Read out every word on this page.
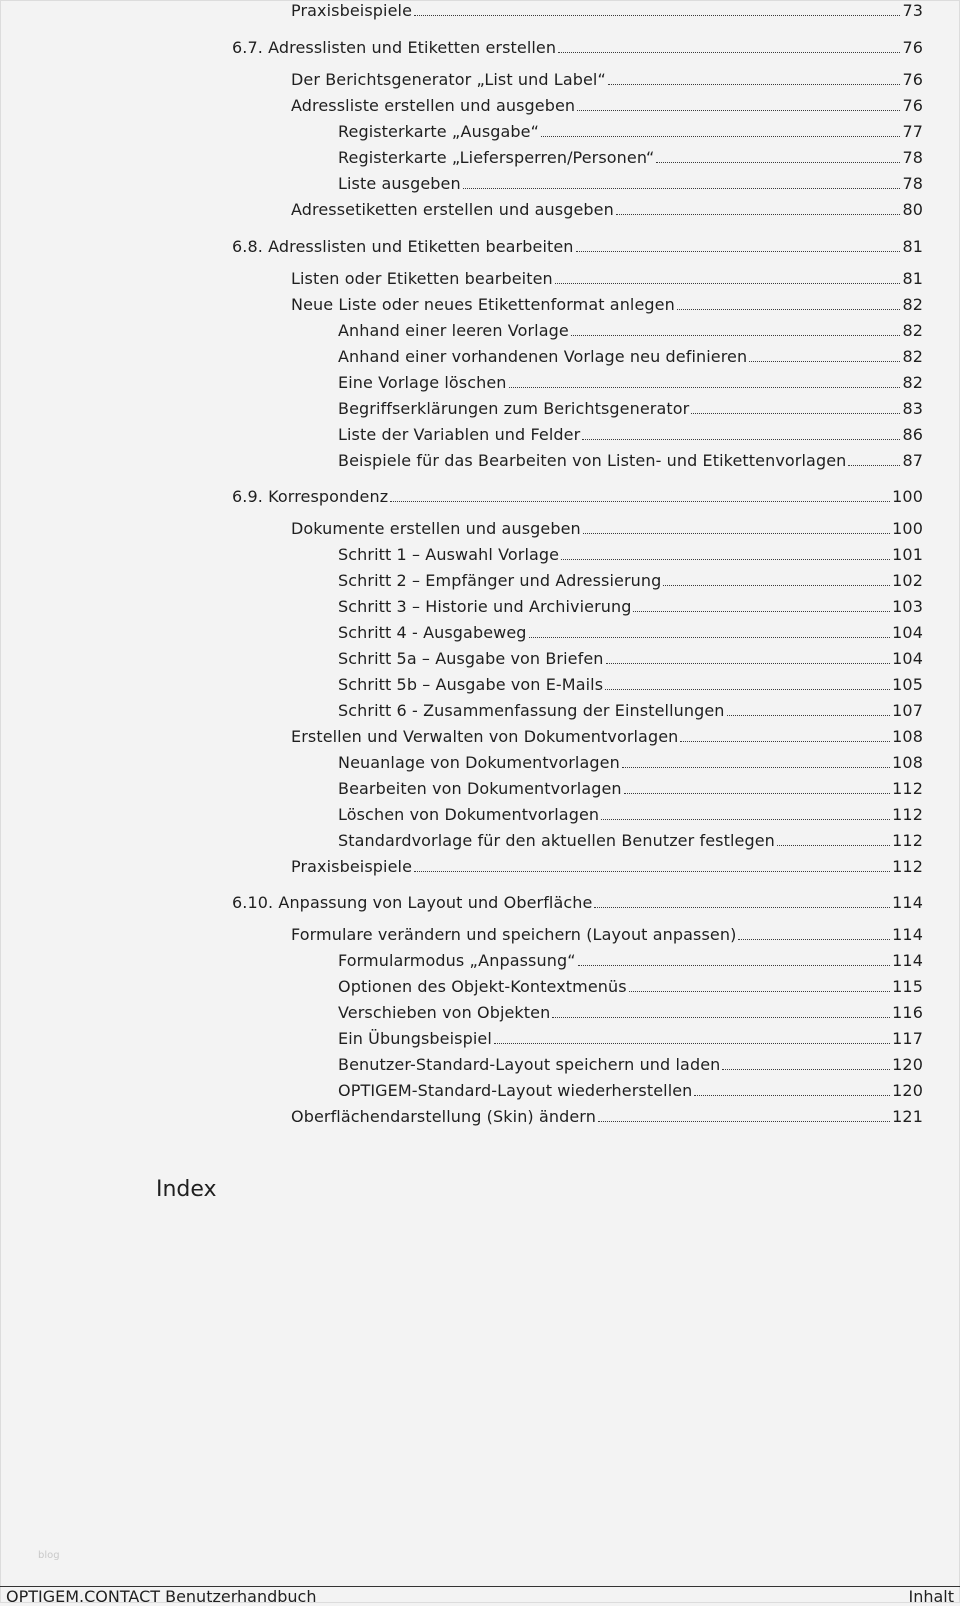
Praxisbeispiele	73
6.7. Adresslisten und Etiketten erstellen	76
Der Berichtsgenerator „List und Label“	76
Adressliste erstellen und ausgeben	76
Registerkarte „Ausgabe“	77
Registerkarte „Liefersperren/Personen“	78
Liste ausgeben	78
Adressetiketten erstellen und ausgeben	80
6.8. Adresslisten und Etiketten bearbeiten	81
Listen oder Etiketten bearbeiten	81
Neue Liste oder neues Etikettenformat anlegen	82
Anhand einer leeren Vorlage	82
Anhand einer vorhandenen Vorlage neu definieren	82
Eine Vorlage löschen	82
Begriffserklärungen zum Berichtsgenerator	83
Liste der Variablen und Felder	86
Beispiele für das Bearbeiten von Listen- und Etikettenvorlagen	87
6.9. Korrespondenz	100
Dokumente erstellen und ausgeben	100
Schritt 1 – Auswahl Vorlage	101
Schritt 2 – Empfänger und Adressierung	102
Schritt 3 – Historie und Archivierung	103
Schritt 4 - Ausgabeweg	104
Schritt 5a – Ausgabe von Briefen	104
Schritt 5b – Ausgabe von E-Mails	105
Schritt 6 - Zusammenfassung der Einstellungen	107
Erstellen und Verwalten von Dokumentvorlagen	108
Neuanlage von Dokumentvorlagen	108
Bearbeiten von Dokumentvorlagen	112
Löschen von Dokumentvorlagen	112
Standardvorlage für den aktuellen Benutzer festlegen	112
Praxisbeispiele	112
6.10. Anpassung von Layout und Oberfläche	114
Formulare verändern und speichern (Layout anpassen)	114
Formularmodus „Anpassung“	114
Optionen des Objekt-Kontextmenüs	115
Verschieben von Objekten	116
Ein Übungsbeispiel	117
Benutzer-Standard-Layout speichern und laden	120
OPTIGEM-Standard-Layout wiederherstellen	120
Oberflächendarstellung (Skin) ändern	121
Index
blog
OPTIGEM.CONTACT Benutzerhandbuch	Inhalt
